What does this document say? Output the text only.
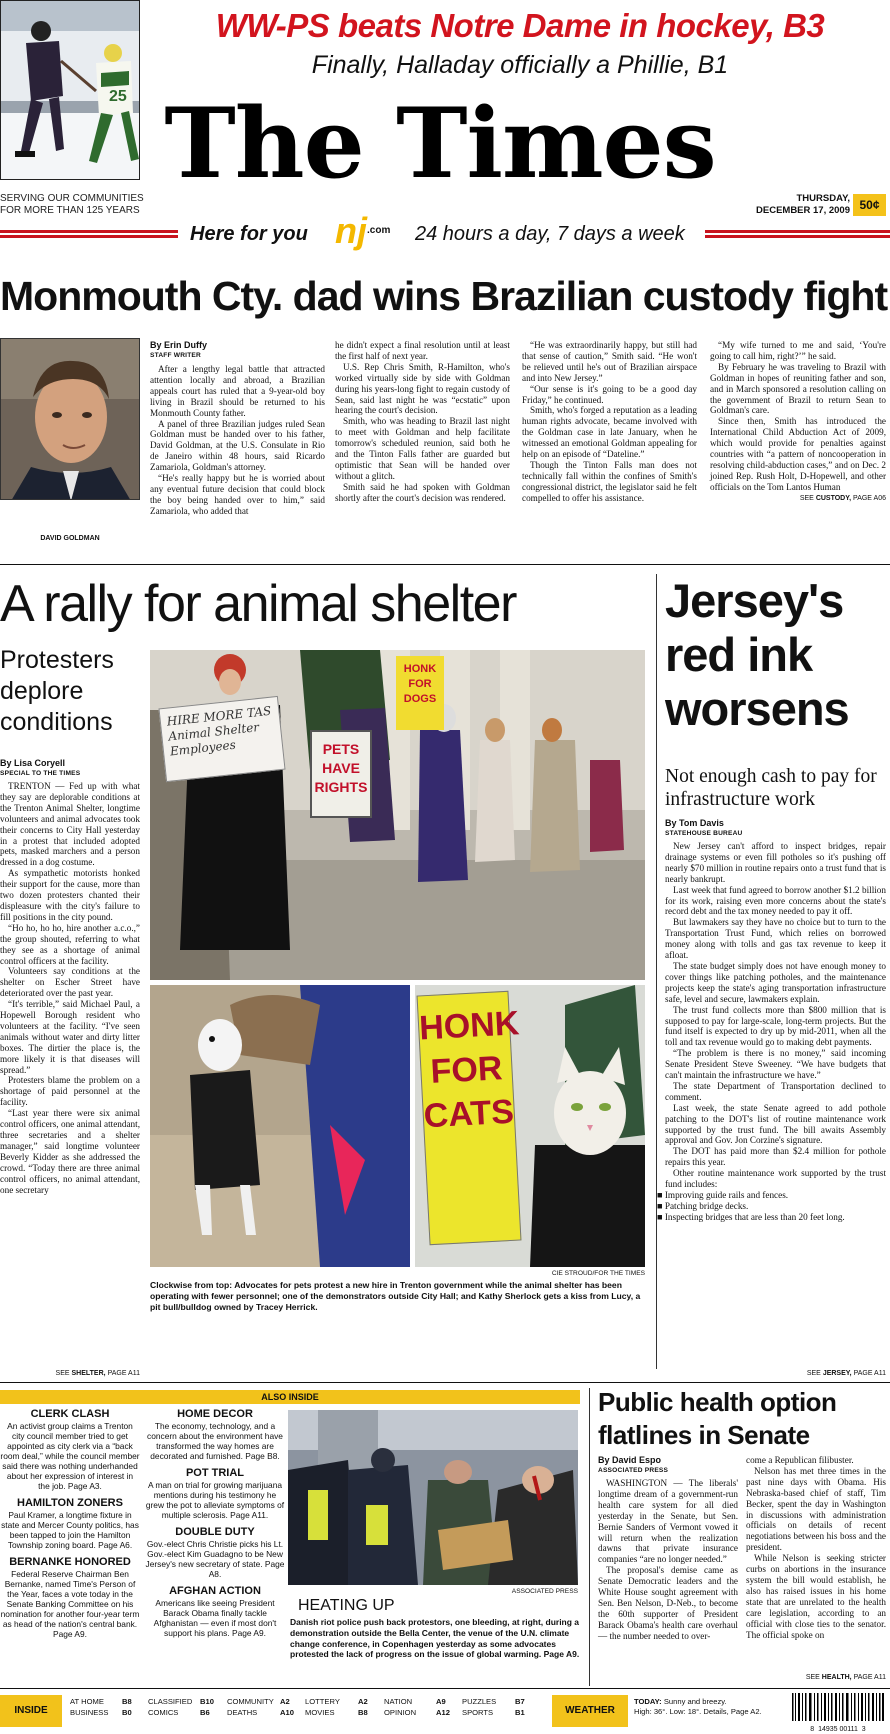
25
WW-PS beats Notre Dame in hockey, B3
Finally, Halladay officially a Phillie, B1
The Times
SERVING OUR COMMUNITIES
FOR MORE THAN 125 YEARS
THURSDAY,
DECEMBER 17, 2009 50¢
Here for you $nj^{.com}$ 24 hours a day, 7 days a week
Monmouth Cty. dad wins Brazilian custody fight
DAVID GOLDMAN
By Erin Duffy
STAFF WRITER

After a lengthy legal battle that attracted attention locally and abroad, a Brazilian appeals court has ruled that a 9-year-old boy living in Brazil should be returned to his Monmouth County father.

A panel of three Brazilian judges ruled Sean Goldman must be handed over to his father, David Goldman, at the U.S. Consulate in Rio de Janeiro within 48 hours, said Ricardo Zamariola, Goldman's attorney.

“He's really happy but he is worried about any eventual future decision that could block the boy being handed over to him,” said Zamariola, who added that

he didn't expect a final resolution until at least the first half of next year.

U.S. Rep Chris Smith, R-Hamilton, who's worked virtually side by side with Goldman during his years-long fight to regain custody of Sean, said last night he was “ecstatic” upon hearing the court's decision.

Smith, who was heading to Brazil last night to meet with Goldman and help facilitate tomorrow's scheduled reunion, said both he and the Tinton Falls father are guarded but optimistic that Sean will be handed over without a glitch.

Smith said he had spoken with Goldman shortly after the court's decision was rendered.

“He was extraordinarily happy, but still had that sense of caution,” Smith said. “He won't be relieved until he's out of Brazilian airspace and into New Jersey.”

“Our sense is it's going to be a good day Friday,” he continued.

Smith, who's forged a reputation as a leading human rights advocate, became involved with the Goldman case in late January, when he witnessed an emotional Goldman appealing for help on an episode of “Dateline.”

Though the Tinton Falls man does not technically fall within the confines of Smith's congressional district, the legislator said he felt compelled to offer his assistance.

“My wife turned to me and said, ‘You're going to call him, right?’” he said.

By February he was traveling to Brazil with Goldman in hopes of reuniting father and son, and in March sponsored a resolution calling on the government of Brazil to return Sean to Goldman's care.

Since then, Smith has introduced the International Child Abduction Act of 2009, which would provide for penalties against countries with “a pattern of noncooperation in resolving child-abduction cases,” and on Dec. 2 joined Rep. Rush Holt, D-Hopewell, and other officials on the Tom Lantos Human

SEE CUSTODY, PAGE A06
A rally for animal shelter
Protesters deplore conditions
By Lisa Coryell
SPECIAL TO THE TIMES

TRENTON — Fed up with what they say are deplorable conditions at the Trenton Animal Shelter, longtime volunteers and animal advocates took their concerns to City Hall yesterday in a protest that included adopted pets, masked marchers and a person dressed in a dog costume.

As sympathetic motorists honked their support for the cause, more than two dozen protesters chanted their displeasure with the city's failure to fill positions in the city pound.

“Ho ho, ho ho, hire another a.c.o.,” the group shouted, referring to what they see as a shortage of animal control officers at the facility.

Volunteers say conditions at the shelter on Escher Street have deteriorated over the past year.

“It's terrible,” said Michael Paul, a Hopewell Borough resident who volunteers at the facility. “I've seen animals without water and dirty litter boxes. The dirtier the place is, the more likely it is that diseases will spread.”

Protesters blame the problem on a shortage of paid personnel at the facility.

“Last year there were six animal control officers, one animal attendant, three secretaries and a shelter manager,” said longtime volunteer Beverly Kidder as she addressed the crowd. “Today there are three animal control officers, no animal attendant, one secretary

SEE SHELTER, PAGE A11
HIRE MORE TAS Animal Shelter Employees	PETS HAVE RIGHTS
HONK FOR DOGS
HONK FOR CATS
CIE STROUD/FOR THE TIMES
Clockwise from top: Advocates for pets protest a new hire in Trenton government while the animal shelter has been operating with fewer personnel; one of the demonstrators outside City Hall; and Kathy Sherlock gets a kiss from Lucy, a pit bull/bulldog owned by Tracey Herrick.
Jersey's red ink worsens
Not enough cash to pay for infrastructure work
By Tom Davis
STATEHOUSE BUREAU

New Jersey can't afford to inspect bridges, repair drainage systems or even fill potholes so it's pushing off nearly $70 million in routine repairs onto a trust fund that is nearly bankrupt.

Last week that fund agreed to borrow another $1.2 billion for its work, raising even more concerns about the state's record debt and the tax money needed to pay it off.

But lawmakers say they have no choice but to turn to the Transportation Trust Fund, which relies on borrowed money along with tolls and gas tax revenue to keep it afloat.

The state budget simply does not have enough money to cover things like patching potholes, and the maintenance projects keep the state's aging transportation infrastructure safe, level and secure, lawmakers explain.

The trust fund collects more than $800 million that is supposed to pay for large-scale, long-term projects. But the fund itself is expected to dry up by mid-2011, when all the toll and tax revenue would go to making debt payments.

“The problem is there is no money,” said incoming Senate President Steve Sweeney. “We have budgets that can't maintain the infrastructure we have.”

The state Department of Transportation declined to comment.

Last week, the state Senate agreed to add pothole patching to the DOT's list of routine maintenance work supported by the trust fund. The bill awaits Assembly approval and Gov. Jon Corzine's signature.

The DOT has paid more than $2.4 million for pothole repairs this year.

Other routine maintenance work supported by the trust fund includes:

■ Improving guide rails and fences.

■ Patching bridge decks.

■ Inspecting bridges that are less than 20 feet long.

SEE JERSEY, PAGE A11
ALSO INSIDE
CLERK CLASH
An activist group claims a Trenton city council member tried to get appointed as city clerk via a “back room deal,” while the council member said there was nothing underhanded about her expression of interest in the job. Page A3.
HAMILTON ZONERS
Paul Kramer, a longtime fixture in state and Mercer County politics, has been tapped to join the Hamilton Township zoning board. Page A6.
BERNANKE HONORED
Federal Reserve Chairman Ben Bernanke, named Time's Person of the Year, faces a vote today in the Senate Banking Committee on his nomination for another four-year term as head of the nation's central bank. Page A9.
HOME DECOR
The economy, technology, and a concern about the environment have transformed the way homes are decorated and furnished. Page B8.
POT TRIAL
A man on trial for growing marijuana mentions during his testimony he grew the pot to alleviate symptoms of multiple sclerosis. Page A11.
DOUBLE DUTY
Gov.-elect Chris Christie picks his Lt. Gov.-elect Kim Guadagno to be New Jersey's new secretary of state. Page A8.
AFGHAN ACTION
Americans like seeing President Barack Obama finally tackle Afghanistan — even if most don't support his plans. Page A9.
ASSOCIATED PRESS
HEATING UP
Danish riot police push back protestors, one bleeding, at right, during a demonstration outside the Bella Center, the venue of the U.N. climate change conference, in Copenhagen yesterday as some advocates protested the lack of progress on the issue of global warming. Page A9.
Public health option flatlines in Senate
By David Espo
ASSOCIATED PRESS

WASHINGTON — The liberals' longtime dream of a government-run health care system for all died yesterday in the Senate, but Sen. Bernie Sanders of Vermont vowed it will return when the realization dawns that private insurance companies “are no longer needed.”

The proposal's demise came as Senate Democratic leaders and the White House sought agreement with Sen. Ben Nelson, D-Neb., to become the 60th supporter of President Barack Obama's health care overhaul — the number needed to over-

come a Republican filibuster.

Nelson has met three times in the past nine days with Obama. His Nebraska-based chief of staff, Tim Becker, spent the day in Washington in discussions with administration officials on details of recent negotiations between his boss and the president.

While Nelson is seeking stricter curbs on abortions in the insurance system the bill would establish, he also has raised issues in his home state that are unrelated to the health care legislation, according to an official with close ties to the senator. The official spoke on

SEE HEALTH, PAGE A11
INSIDE
AT HOME B8
BUSINESS B0
CLASSIFIED B10
COMICS	B6
COMMUNITY A2
DEATHS	A10
LOTTERY A2
MOVIES	B8
NATION	A9
OPINION	A12
PUZZLES B7
SPORTS	B1	WEATHER
TODAY: Sunny and breezy.
High: 36°. Low: 18°. Details, Page A2.
8  14935 00111  3
